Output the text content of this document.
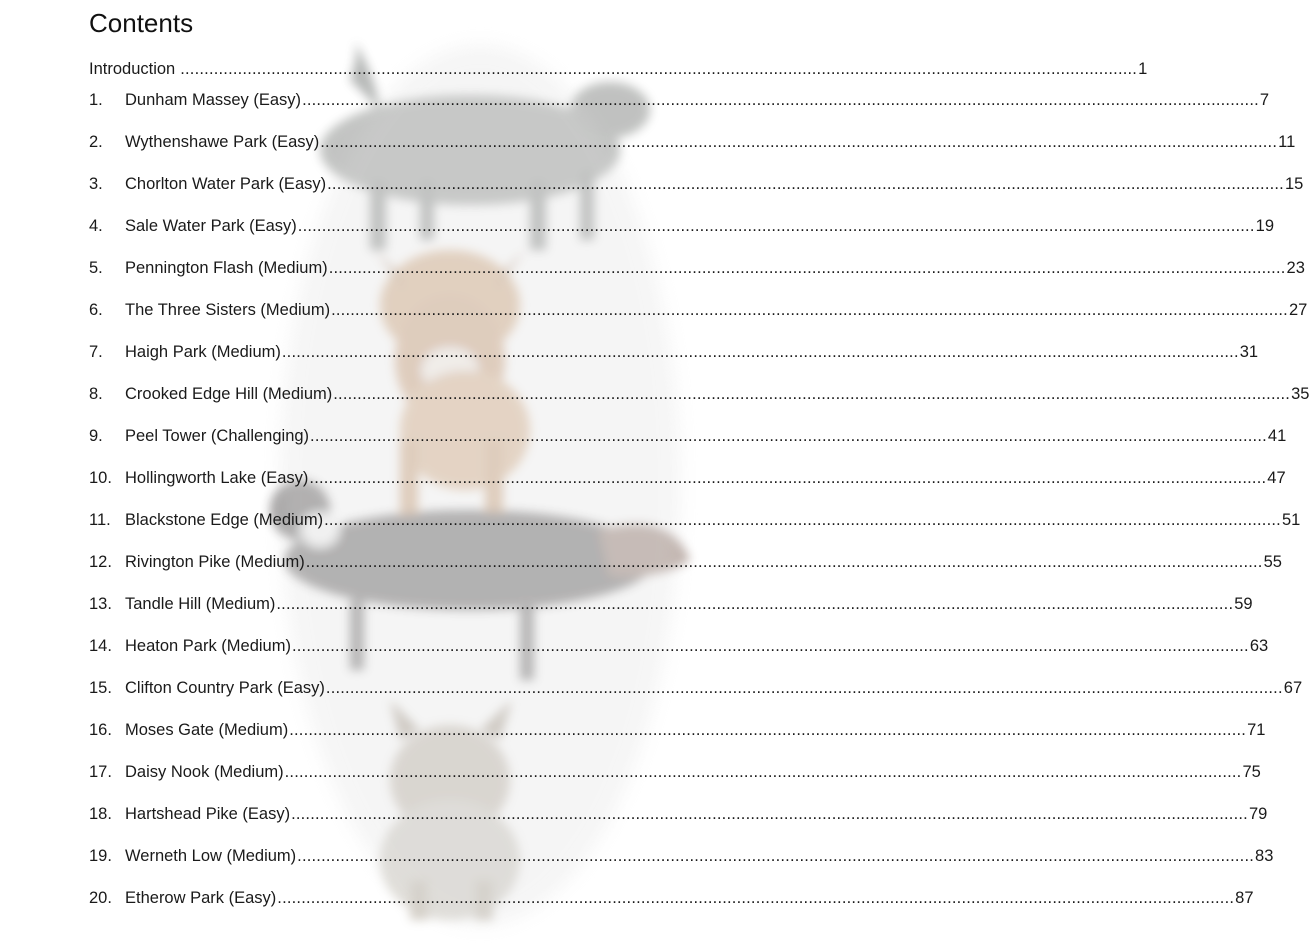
Contents
Introduction ........................................................................................................................................................................................................ 1
1.	Dunham Massey (Easy) ........................................................................................................................................................................................................ 7
2.	Wythenshawe Park (Easy) ........................................................................................................................................................................................................ 11
3.	Chorlton Water Park (Easy) ........................................................................................................................................................................................................ 15
4.	Sale Water Park (Easy) ........................................................................................................................................................................................................ 19
5.	Pennington Flash (Medium) ........................................................................................................................................................................................................ 23
6.	The Three Sisters (Medium) ........................................................................................................................................................................................................ 27
7.	Haigh Park (Medium) ........................................................................................................................................................................................................ 31
8.	Crooked Edge Hill (Medium) ........................................................................................................................................................................................................ 35
9.	Peel Tower (Challenging) ........................................................................................................................................................................................................ 41
10. Hollingworth Lake (Easy) ........................................................................................................................................................................................................ 47
11. Blackstone Edge (Medium) ........................................................................................................................................................................................................ 51
12. Rivington Pike (Medium) ........................................................................................................................................................................................................ 55
13. Tandle Hill (Medium) ........................................................................................................................................................................................................ 59
14. Heaton Park (Medium) ........................................................................................................................................................................................................ 63
15. Clifton Country Park (Easy) ........................................................................................................................................................................................................ 67
16. Moses Gate (Medium) ........................................................................................................................................................................................................ 71
17. Daisy Nook (Medium) ........................................................................................................................................................................................................ 75
18. Hartshead Pike (Easy) ........................................................................................................................................................................................................ 79
19. Werneth Low (Medium) ........................................................................................................................................................................................................ 83
20. Etherow Park (Easy) ........................................................................................................................................................................................................ 87
